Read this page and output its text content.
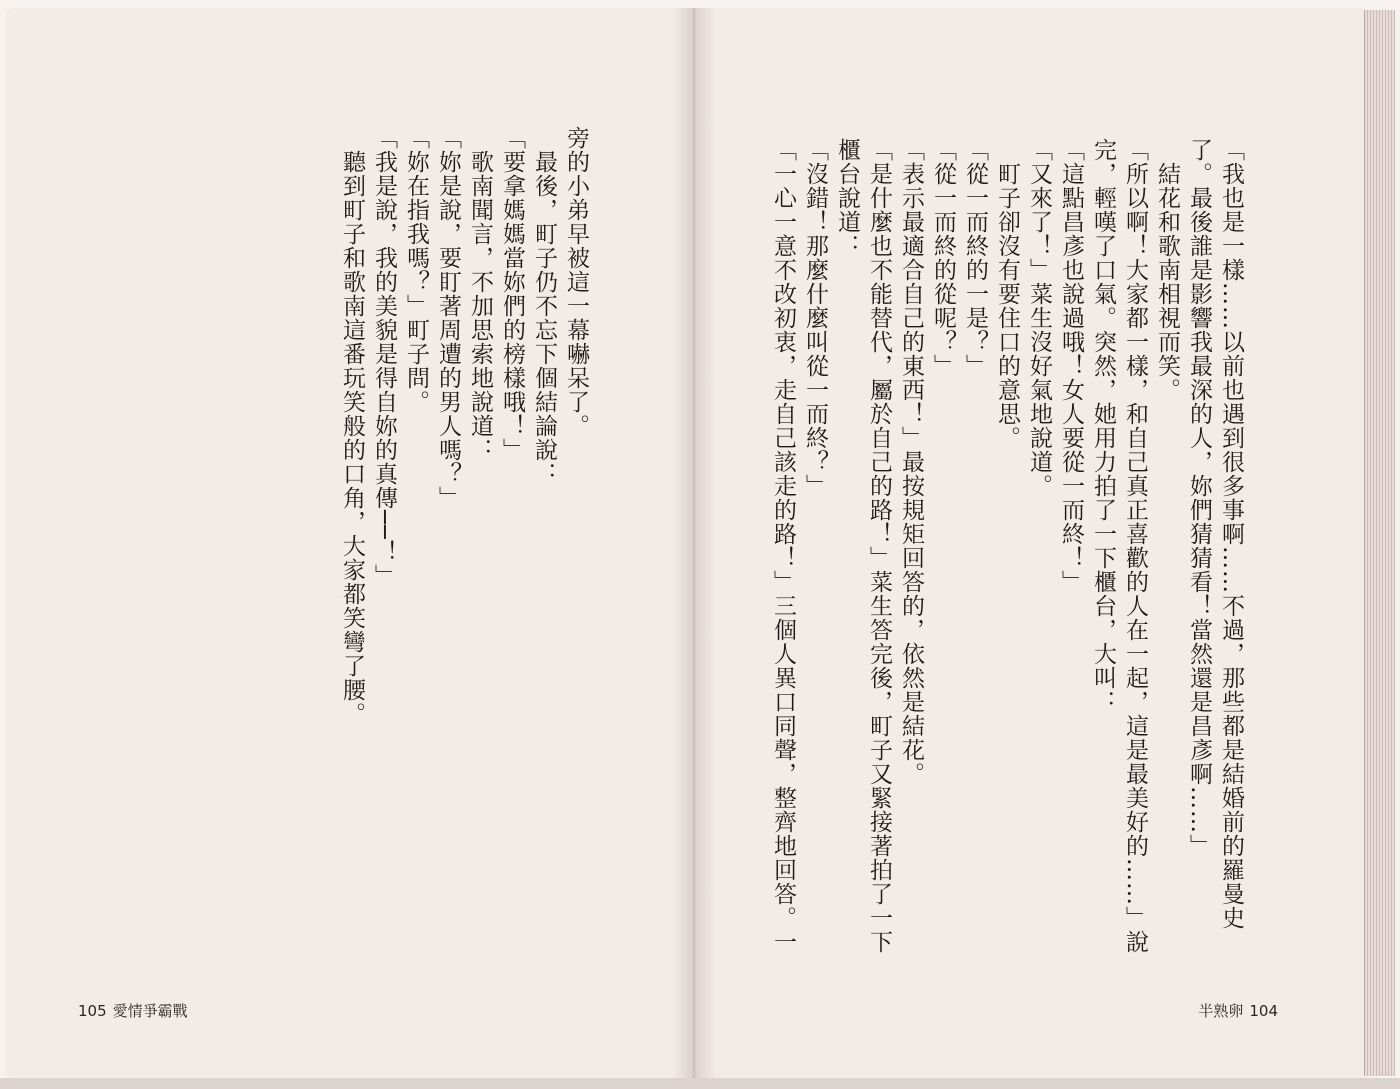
旁的小弟早被這一幕嚇呆了。
　最後，町子仍不忘下個結論說：
「要拿媽媽當妳們的榜樣哦！」
　歌南聞言，不加思索地說道：
「妳是說，要盯著周遭的男人嗎？」
「妳在指我嗎？」町子問。
「我是說，我的美貌是得自妳的真傳──！」
　聽到町子和歌南這番玩笑般的口角，大家都笑彎了腰。
105 愛情爭霸戰
「我也是一樣……以前也遇到很多事啊……不過，那些都是結婚前的羅曼史
了。最後誰是影響我最深的人，妳們猜猜看！當然還是昌彥啊……」
　結花和歌南相視而笑。
「所以啊！大家都一樣，和自己真正喜歡的人在一起，這是最美好的……」說
完，輕嘆了口氣。突然，她用力拍了一下櫃台，大叫：
「這點昌彥也說過哦！女人要從一而終！」
「又來了！」菜生沒好氣地說道。
　町子卻沒有要住口的意思。
「從一而終的一是？」
「從一而終的從呢？」
「表示最適合自己的東西！」最按規矩回答的，依然是結花。
「是什麼也不能替代，屬於自己的路！」菜生答完後，町子又緊接著拍了一下
櫃台說道：
「沒錯！那麼什麼叫從一而終？」
「一心一意不改初衷，走自己該走的路！」三個人異口同聲，整齊地回答。一
半熟卵 104
